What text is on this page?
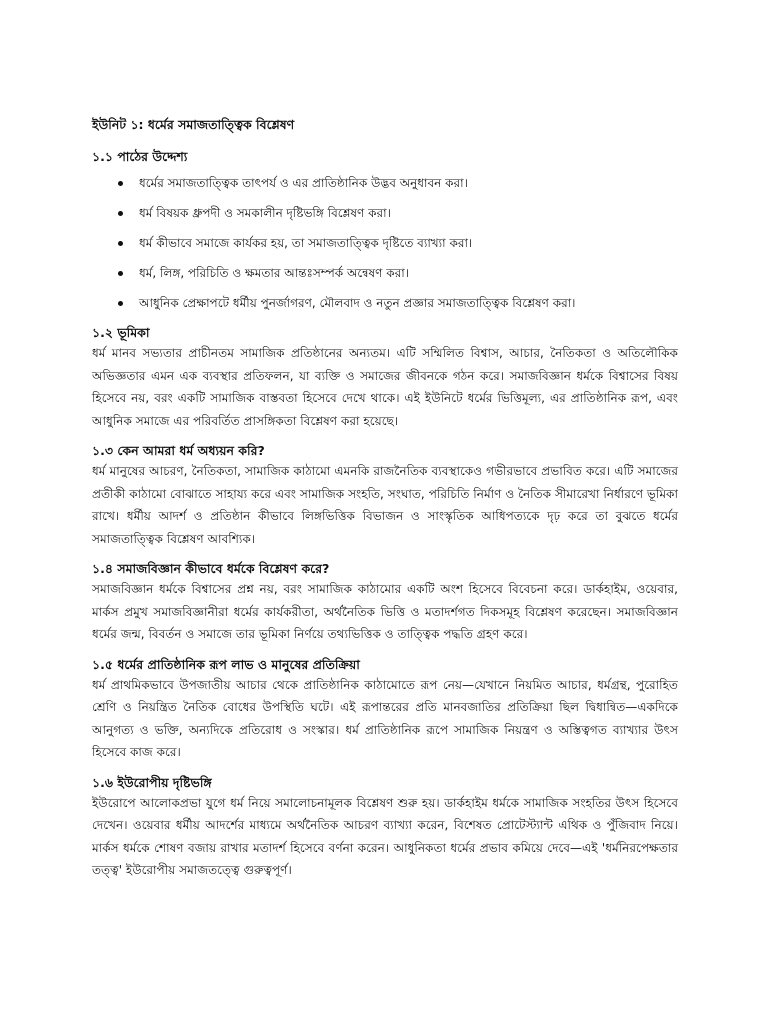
ইউনিট ১: ধর্মের সমাজতাত্ত্বিক বিশ্লেষণ
১.১ পাঠের উদ্দেশ্য
ধর্মের সমাজতাত্ত্বিক তাৎপর্য ও এর প্রাতিষ্ঠানিক উদ্ভব অনুধাবন করা।
ধর্ম বিষয়ক ধ্রুপদী ও সমকালীন দৃষ্টিভঙ্গি বিশ্লেষণ করা।
ধর্ম কীভাবে সমাজে কার্যকর হয়, তা সমাজতাত্ত্বিক দৃষ্টিতে ব্যাখ্যা করা।
ধর্ম, লিঙ্গ, পরিচিতি ও ক্ষমতার আন্তঃসম্পর্ক অন্বেষণ করা।
আধুনিক প্রেক্ষাপটে ধর্মীয় পুনর্জাগরণ, মৌলবাদ ও নতুন প্রজ্ঞার সমাজতাত্ত্বিক বিশ্লেষণ করা।
১.২ ভূমিকা

ধর্ম মানব সভ্যতার প্রাচীনতম সামাজিক প্রতিষ্ঠানের অন্যতম। এটি সম্মিলিত বিশ্বাস, আচার, নৈতিকতা ও অতিলৌকিক অভিজ্ঞতার এমন এক ব্যবস্থার প্রতিফলন, যা ব্যক্তি ও সমাজের জীবনকে গঠন করে। সমাজবিজ্ঞান ধর্মকে বিশ্বাসের বিষয় হিসেবে নয়, বরং একটি সামাজিক বাস্তবতা হিসেবে দেখে থাকে। এই ইউনিটে ধর্মের ভিত্তিমূল্য, এর প্রাতিষ্ঠানিক রূপ, এবং আধুনিক সমাজে এর পরিবর্তিত প্রাসঙ্গিকতা বিশ্লেষণ করা হয়েছে।

১.৩ কেন আমরা ধর্ম অধ্যয়ন করি?

ধর্ম মানুষের আচরণ, নৈতিকতা, সামাজিক কাঠামো এমনকি রাজনৈতিক ব্যবস্থাকেও গভীরভাবে প্রভাবিত করে। এটি সমাজের প্রতীকী কাঠামো বোঝাতে সাহায্য করে এবং সামাজিক সংহতি, সংঘাত, পরিচিতি নির্মাণ ও নৈতিক সীমারেখা নির্ধারণে ভূমিকা রাখে। ধর্মীয় আদর্শ ও প্রতিষ্ঠান কীভাবে লিঙ্গভিত্তিক বিভাজন ও সাংস্কৃতিক আধিপত্যকে দৃঢ় করে তা বুঝতে ধর্মের সমাজতাত্ত্বিক বিশ্লেষণ আবশ্যিক।

১.৪ সমাজবিজ্ঞান কীভাবে ধর্মকে বিশ্লেষণ করে?

সমাজবিজ্ঞান ধর্মকে বিশ্বাসের প্রশ্ন নয়, বরং সামাজিক কাঠামোর একটি অংশ হিসেবে বিবেচনা করে। ডার্কহাইম, ওয়েবার, মার্কস প্রমুখ সমাজবিজ্ঞানীরা ধর্মের কার্যকরীতা, অর্থনৈতিক ভিত্তি ও মতাদর্শগত দিকসমূহ বিশ্লেষণ করেছেন। সমাজবিজ্ঞান ধর্মের জন্ম, বিবর্তন ও সমাজে তার ভূমিকা নির্ণয়ে তথ্যভিত্তিক ও তাত্ত্বিক পদ্ধতি গ্রহণ করে।

১.৫ ধর্মের প্রাতিষ্ঠানিক রূপ লাভ ও মানুষের প্রতিক্রিয়া

ধর্ম প্রাথমিকভাবে উপজাতীয় আচার থেকে প্রাতিষ্ঠানিক কাঠামোতে রূপ নেয়—যেখানে নিয়মিত আচার, ধর্মগ্রন্থ, পুরোহিত শ্রেণি ও নিয়ন্ত্রিত নৈতিক বোধের উপস্থিতি ঘটে। এই রূপান্তরের প্রতি মানবজাতির প্রতিক্রিয়া ছিল দ্বিধান্বিত—একদিকে আনুগত্য ও ভক্তি, অন্যদিকে প্রতিরোধ ও সংস্কার। ধর্ম প্রাতিষ্ঠানিক রূপে সামাজিক নিয়ন্ত্রণ ও অস্তিত্বগত ব্যাখ্যার উৎস হিসেবে কাজ করে।

১.৬ ইউরোপীয় দৃষ্টিভঙ্গি

ইউরোপে আলোকপ্রভা যুগে ধর্ম নিয়ে সমালোচনামূলক বিশ্লেষণ শুরু হয়। ডার্কহাইম ধর্মকে সামাজিক সংহতির উৎস হিসেবে দেখেন। ওয়েবার ধর্মীয় আদর্শের মাধ্যমে অর্থনৈতিক আচরণ ব্যাখ্যা করেন, বিশেষত প্রোটেস্ট্যান্ট এথিক ও পুঁজিবাদ নিয়ে। মার্কস ধর্মকে শোষণ বজায় রাখার মতাদর্শ হিসেবে বর্ণনা করেন। আধুনিকতা ধর্মের প্রভাব কমিয়ে দেবে—এই 'ধর্মনিরপেক্ষতার তত্ত্ব' ইউরোপীয় সমাজতত্ত্বে গুরুত্বপূর্ণ।
